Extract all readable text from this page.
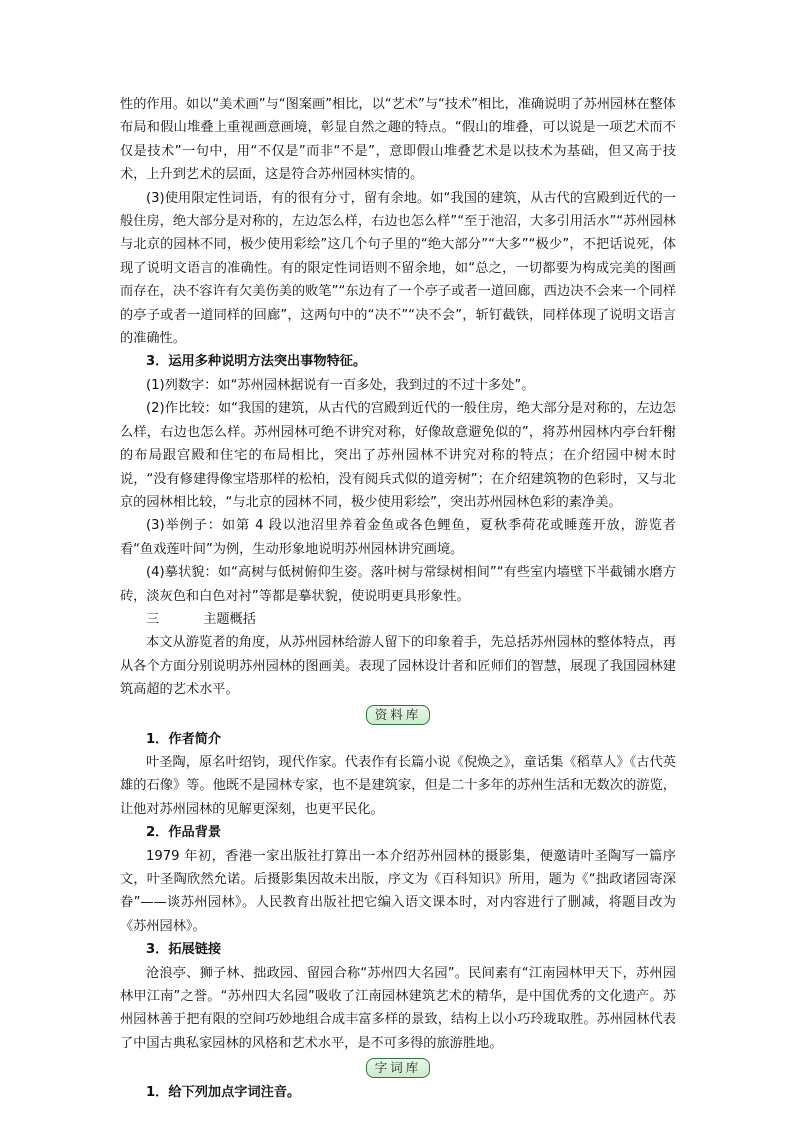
性的作用。如以“美术画”与“图案画”相比，以“艺术”与“技术”相比，准确说明了苏州园林在整体布局和假山堆叠上重视画意画境，彰显自然之趣的特点。“假山的堆叠，可以说是一项艺术而不仅是技术”一句中，用“不仅是”而非“不是”，意即假山堆叠艺术是以技术为基础，但又高于技术，上升到艺术的层面，这是符合苏州园林实情的。

(3)使用限定性词语，有的很有分寸，留有余地。如“我国的建筑，从古代的宫殿到近代的一般住房，绝大部分是对称的，左边怎么样，右边也怎么样”“至于池沼，大多引用活水”“苏州园林与北京的园林不同，极少使用彩绘”这几个句子里的“绝大部分”“大多”“极少”，不把话说死，体现了说明文语言的准确性。有的限定性词语则不留余地，如“总之，一切都要为构成完美的图画而存在，决不容许有欠美伤美的败笔”“东边有了一个亭子或者一道回廊，西边决不会来一个同样的亭子或者一道同样的回廊”，这两句中的“决不”“决不会”，斩钉截铁，同样体现了说明文语言的准确性。

3．运用多种说明方法突出事物特征。

(1)列数字：如“苏州园林据说有一百多处，我到过的不过十多处”。

(2)作比较：如“我国的建筑，从古代的宫殿到近代的一般住房，绝大部分是对称的，左边怎么样，右边也怎么样。苏州园林可绝不讲究对称，好像故意避免似的”，将苏州园林内亭台轩榭的布局跟宫殿和住宅的布局相比，突出了苏州园林不讲究对称的特点；在介绍园中树木时说，“没有修建得像宝塔那样的松柏，没有阅兵式似的道旁树”；在介绍建筑物的色彩时，又与北京的园林相比较，“与北京的园林不同，极少使用彩绘”，突出苏州园林色彩的素净美。

(3)举例子：如第 4 段以池沼里养着金鱼或各色鲤鱼，夏秋季荷花或睡莲开放，游览者看“鱼戏莲叶间”为例，生动形象地说明苏州园林讲究画境。

(4)摹状貌：如“高树与低树俯仰生姿。落叶树与常绿树相间”“有些室内墙壁下半截铺水磨方砖，淡灰色和白色对衬”等都是摹状貌，使说明更具形象性。

三	主题概括

本文从游览者的角度，从苏州园林给游人留下的印象着手，先总括苏州园林的整体特点，再从各个方面分别说明苏州园林的图画美。表现了园林设计者和匠师们的智慧，展现了我国园林建筑高超的艺术水平。

资料库

1．作者简介

叶圣陶，原名叶绍钧，现代作家。代表作有长篇小说《倪焕之》，童话集《稻草人》《古代英雄的石像》等。他既不是园林专家，也不是建筑家，但是二十多年的苏州生活和无数次的游览，让他对苏州园林的见解更深刻，也更平民化。

2．作品背景

1979 年初，香港一家出版社打算出一本介绍苏州园林的摄影集，便邀请叶圣陶写一篇序文，叶圣陶欣然允诺。后摄影集因故未出版，序文为《百科知识》所用，题为《“拙政诸园寄深眷”——谈苏州园林》。人民教育出版社把它编入语文课本时，对内容进行了删减，将题目改为《苏州园林》。

3．拓展链接

沧浪亭、狮子林、拙政园、留园合称“苏州四大名园”。民间素有“江南园林甲天下，苏州园林甲江南”之誉。“苏州四大名园”吸收了江南园林建筑艺术的精华，是中国优秀的文化遗产。苏州园林善于把有限的空间巧妙地组合成丰富多样的景致，结构上以小巧玲珑取胜。苏州园林代表了中国古典私家园林的风格和艺术水平，是不可多得的旅游胜地。

字词库

1．给下列加点字词注音。
